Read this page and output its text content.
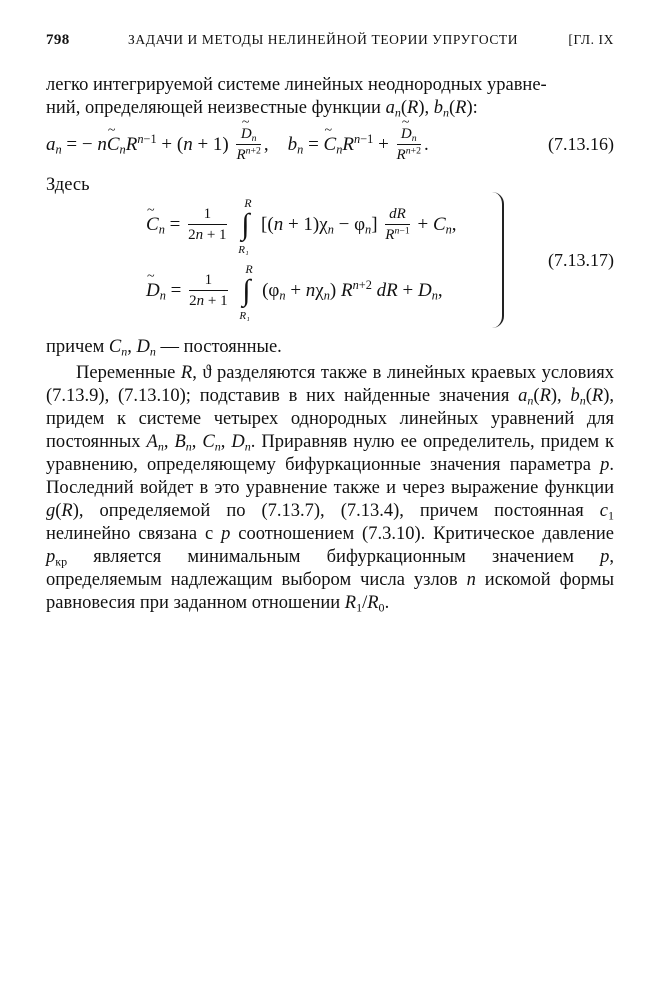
798	ЗАДАЧИ И МЕТОДЫ НЕЛИНЕЙНОЙ ТЕОРИИ УПРУГОСТИ	[ГЛ. IX

легко интегрируемой системе линейных неоднородных уравне-

ний, определяющей неизвестные функции $a_n(R)$, $b_n(R)$:

$a_n$ = − n~ $C_nR^{n-1} + (n + 1)$ ~ $\frac{D_n}{R^{n+2}}$ ,    $b_n$ = ~ $C_nR^{n-1}$ + ~ $\frac{D_n}{R^{n+2}}$ .	(7.13.16)

Здесь

~ $C_n = \frac{1}{2n + 1}$ ∫
R
R₁
$[(n + 1)\chi_n - \varphi_n] \frac{dR}{R^{n-1}} + C_n$,
~ $D_n = \frac{1}{2n + 1}$ ∫
R
R₁
$(\varphi_n + n\chi_n)$ $R^{n+2}$ dR + $D_n$,
(7.13.17)

причем $C_n$, $D_n$ — постоянные.

Переменные R, ϑ разделяются также в линейных краевых условиях (7.13.9), (7.13.10); подставив в них найденные значения $a_n(R)$, $b_n(R)$, придем к системе четырех однородных линейных уравнений для постоянных $A_n$, $B_n$, $C_n$, $D_n$. Приравняв нулю ее определитель, придем к уравнению, определяющему бифуркационные значения параметра p. Последний войдет в это уравнение также и через выражение функции g(R), определяемой по (7.13.7), (7.13.4), причем постоянная $c_1$ нелинейно связана с p соотношением (7.3.10). Критическое давление $p_{кр}$ является минимальным бифуркационным значением p, определяемым надлежащим выбором числа узлов n искомой формы равновесия при заданном отношении $R_1/R_0$.
